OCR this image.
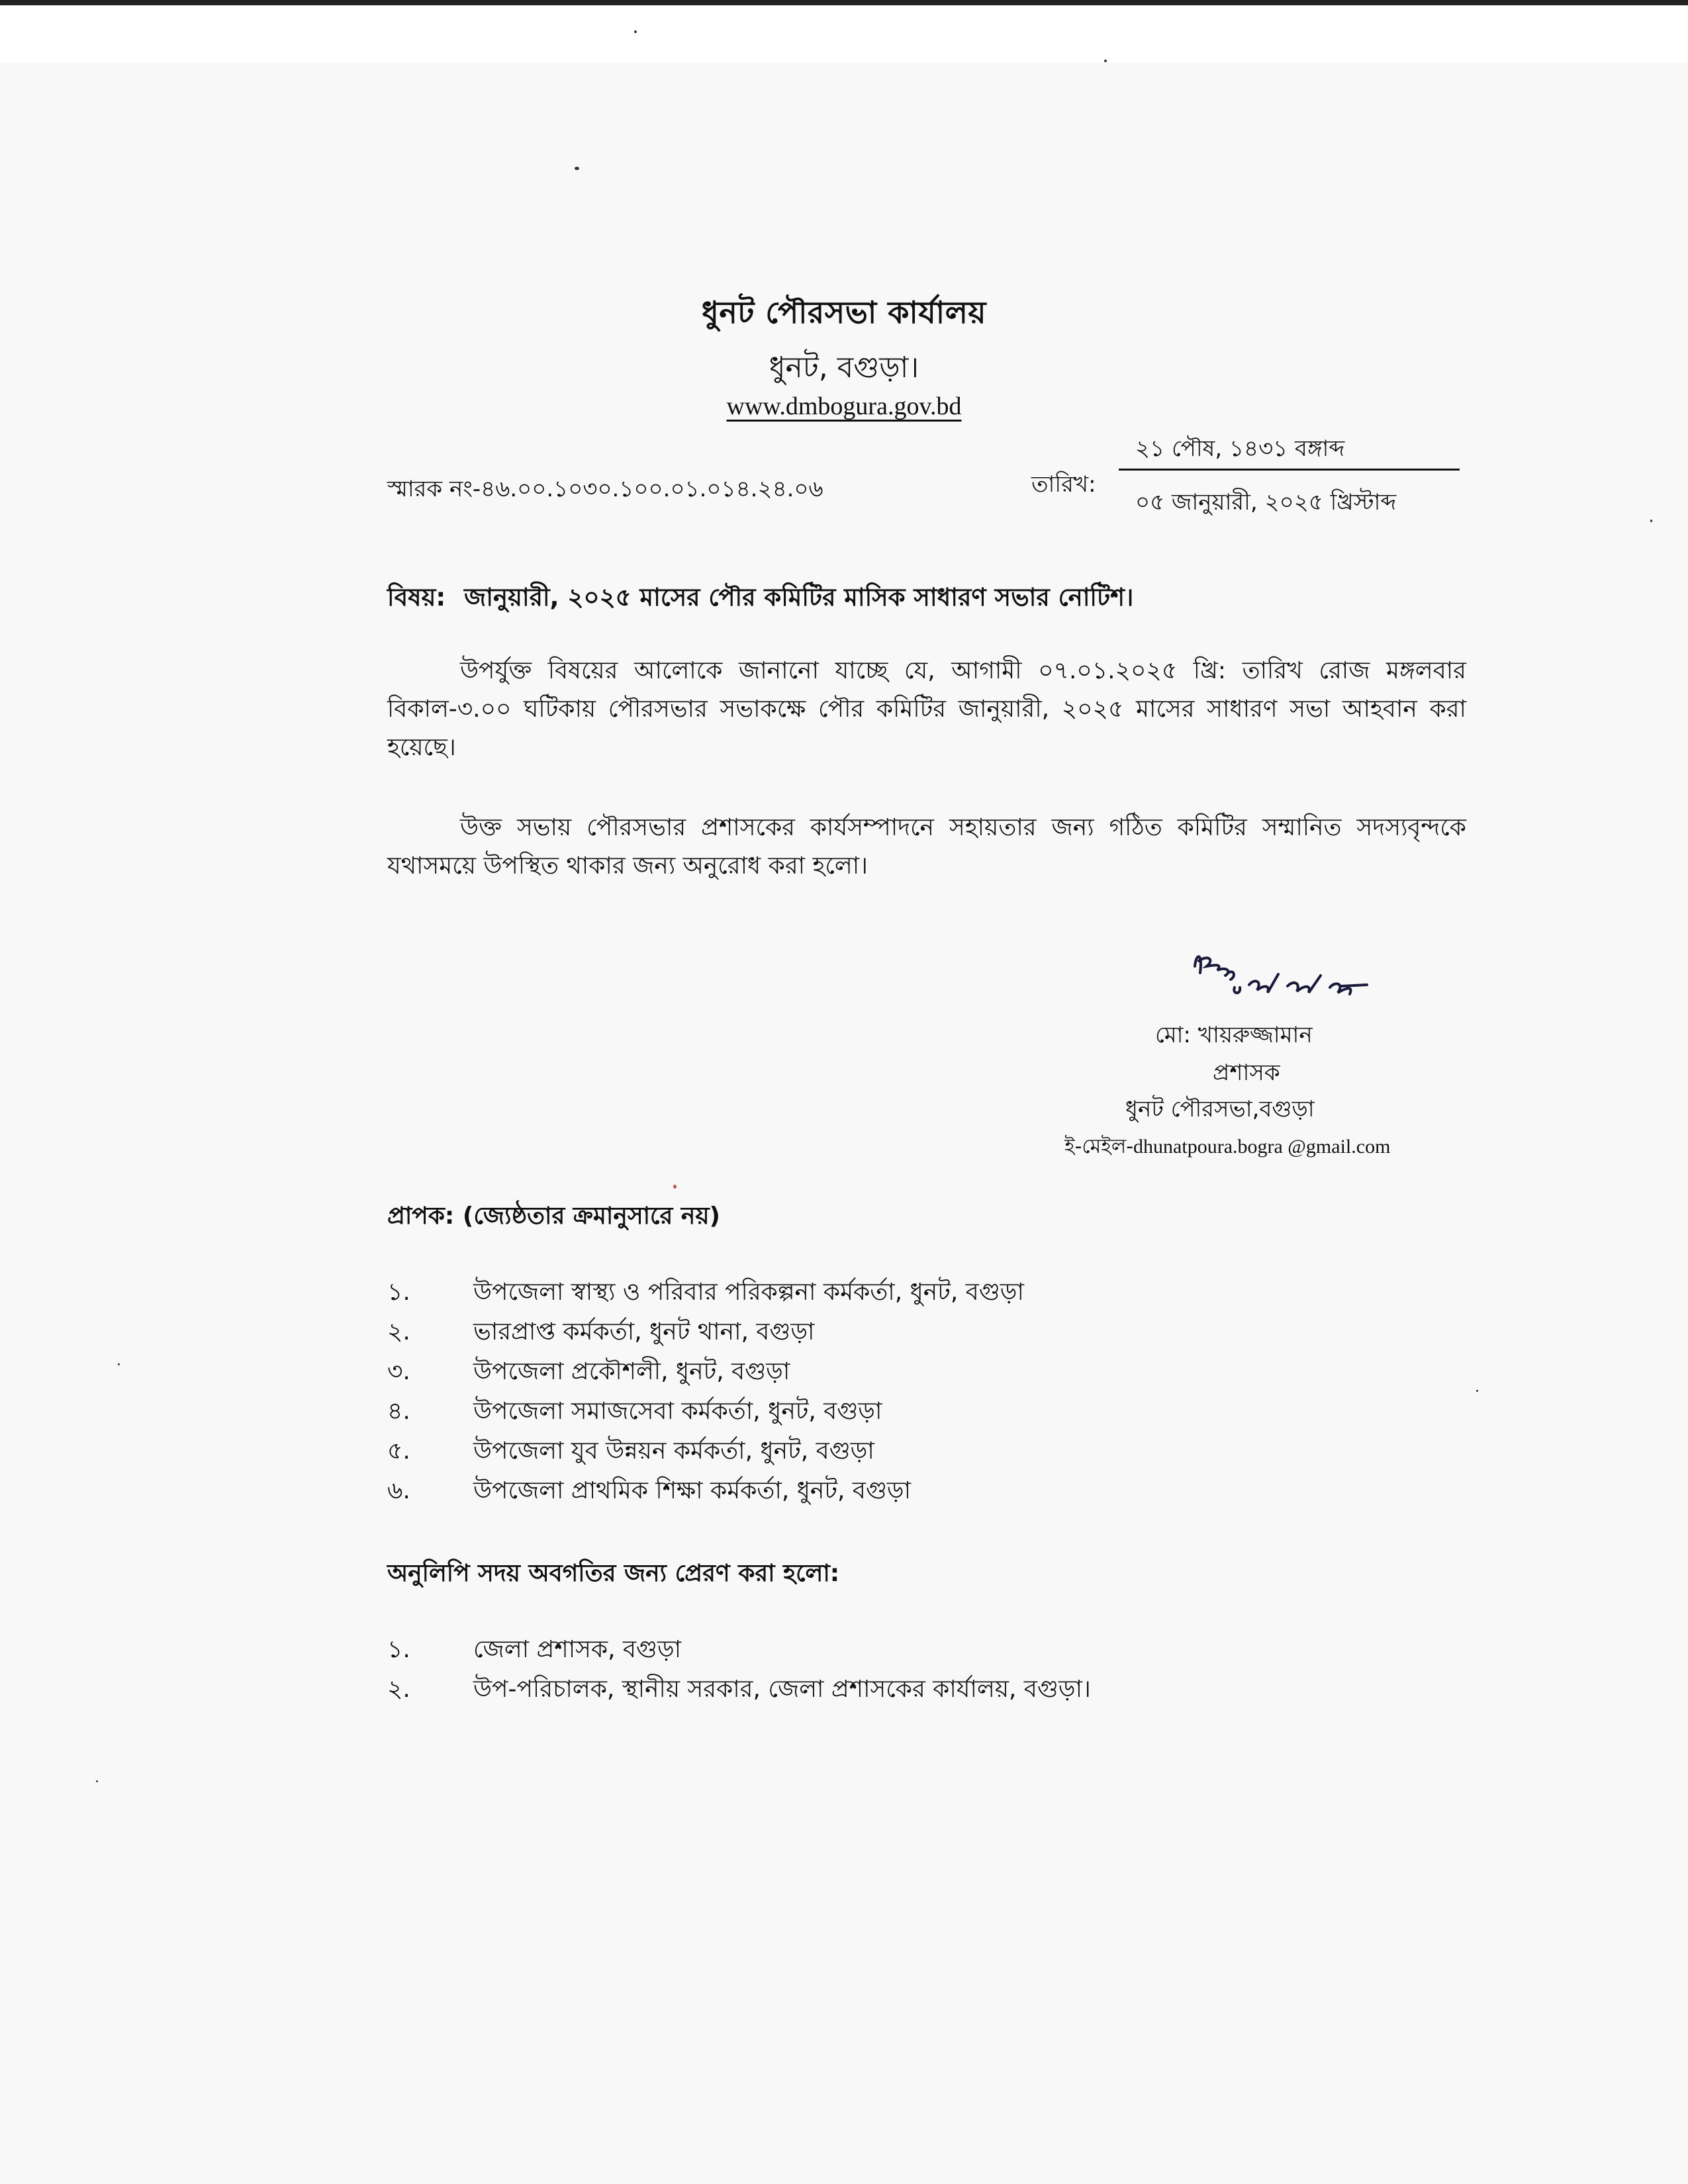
ধুনট পৌরসভা কার্যালয়
ধুনট, বগুড়া।
www.dmbogura.gov.bd
স্মারক নং-৪৬.০০.১০৩০.১০০.০১.০১৪.২৪.০৬	তারিখ:
২১ পৌষ, ১৪৩১ বঙ্গাব্দ
০৫ জানুয়ারী, ২০২৫ খ্রিস্টাব্দ
বিষয়: জানুয়ারী, ২০২৫ মাসের পৌর কমিটির মাসিক সাধারণ সভার নোটিশ।
উপর্যুক্ত বিষয়ের আলোকে জানানো যাচ্ছে যে, আগামী ০৭.০১.২০২৫ খ্রি: তারিখ রোজ মঙ্গলবার বিকাল-৩.০০ ঘটিকায় পৌরসভার সভাকক্ষে পৌর কমিটির জানুয়ারী, ২০২৫ মাসের সাধারণ সভা আহবান করা হয়েছে।
উক্ত সভায় পৌরসভার প্রশাসকের কার্যসম্পাদনে সহায়তার জন্য গঠিত কমিটির সম্মানিত সদস্যবৃন্দকে যথাসময়ে উপস্থিত থাকার জন্য অনুরোধ করা হলো।
মো: খায়রুজ্জামান
প্রশাসক
ধুনট পৌরসভা,বগুড়া
ই-মেইল-dhunatpoura.bogra @gmail.com
প্রাপক: (জ্যেষ্ঠতার ক্রমানুসারে নয়)
১.	উপজেলা স্বাস্থ্য ও পরিবার পরিকল্পনা কর্মকর্তা, ধুনট, বগুড়া
২.	ভারপ্রাপ্ত কর্মকর্তা, ধুনট থানা, বগুড়া
৩.	উপজেলা প্রকৌশলী, ধুনট, বগুড়া
৪.	উপজেলা সমাজসেবা কর্মকর্তা, ধুনট, বগুড়া
৫.	উপজেলা যুব উন্নয়ন কর্মকর্তা, ধুনট, বগুড়া
৬.	উপজেলা প্রাথমিক শিক্ষা কর্মকর্তা, ধুনট, বগুড়া
অনুলিপি সদয় অবগতির জন্য প্রেরণ করা হলো:
১.	জেলা প্রশাসক, বগুড়া
২.	উপ-পরিচালক, স্থানীয় সরকার, জেলা প্রশাসকের কার্যালয়, বগুড়া।
